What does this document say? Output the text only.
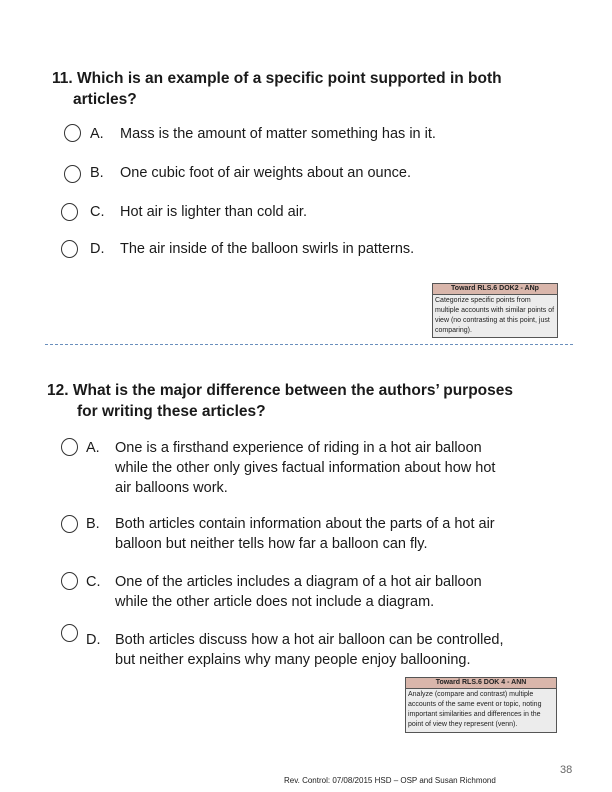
11. Which is an example of a specific point supported in both
articles?

A. Mass is the amount of matter something has in it.
B. One cubic foot of air weights about an ounce.
C. Hot air is lighter than cold air.
D. The air inside of the balloon swirls in patterns.
Toward RLS.6 DOK2 - ANp
Categorize specific points from multiple accounts with similar points of view (no contrasting at this point, just comparing).

12. What is the major difference between the authors’ purposes
for writing these articles?

A. One is a firsthand experience of riding in a hot air balloon
while the other only gives factual information about how hot
air balloons work.
B. Both articles contain information about the parts of a hot air
balloon but neither tells how far a balloon can fly.
C. One of the articles includes a diagram of a hot air balloon
while the other article does not include a diagram.
D. Both articles discuss how a hot air balloon can be controlled,
but neither explains why many people enjoy ballooning.
Toward RLS.6 DOK 4 - ANN
Analyze (compare and contrast) multiple accounts of the same event or topic, noting important similarities and differences in the point of view they represent (venn).
Rev. Control: 07/08/2015 HSD – OSP and Susan Richmond
38
